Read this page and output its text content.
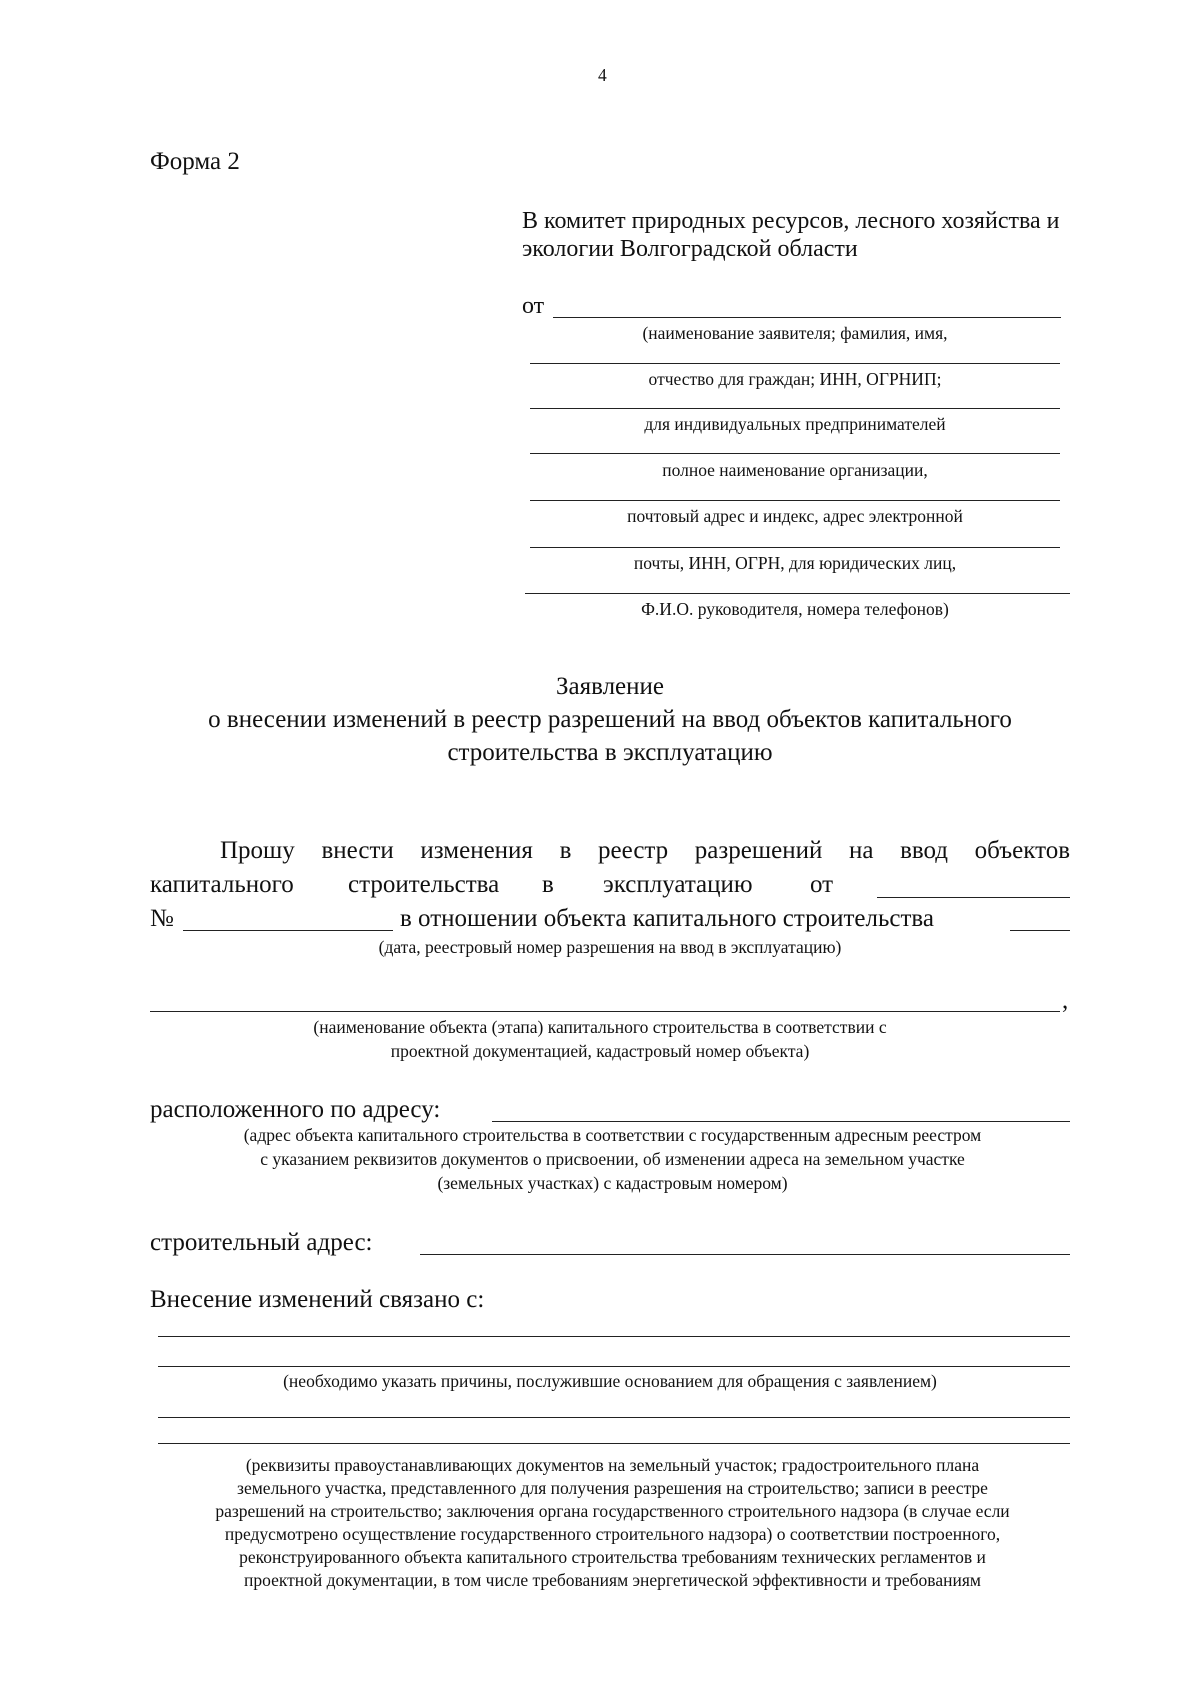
4
Форма 2
В комитет природных ресурсов, лесного хозяйства и
экологии Волгоградской области
от
(наименование заявителя; фамилия, имя,
отчество для граждан; ИНН, ОГРНИП;
для индивидуальных предпринимателей
полное наименование организации,
почтовый адрес и индекс, адрес электронной
почты, ИНН, ОГРН, для юридических лиц,
Ф.И.О. руководителя, номера телефонов)
Заявление
о внесении изменений в реестр разрешений на ввод объектов капитального
строительства в эксплуатацию
Прошу внести изменения в реестр разрешений на ввод объектов
капитального строительства в эксплуатацию от
№	в отношении объекта капитального строительства
(дата, реестровый номер разрешения на ввод в эксплуатацию)
,
(наименование объекта (этапа) капитального строительства в соответствии с
проектной документацией, кадастровый номер объекта)
расположенного по адресу:
(адрес объекта капитального строительства в соответствии с государственным адресным реестром
с указанием реквизитов документов о присвоении, об изменении адреса на земельном участке
(земельных участках) с кадастровым номером)
строительный адрес:
Внесение изменений связано с:
(необходимо указать причины, послужившие основанием для обращения с заявлением)
(реквизиты правоустанавливающих документов на земельный участок; градостроительного плана
земельного участка, представленного для получения разрешения на строительство; записи в реестре
разрешений на строительство; заключения органа государственного строительного надзора (в случае если
предусмотрено осуществление государственного строительного надзора) о соответствии построенного,
реконструированного объекта капитального строительства требованиям технических регламентов и
проектной документации, в том числе требованиям энергетической эффективности и требованиям
